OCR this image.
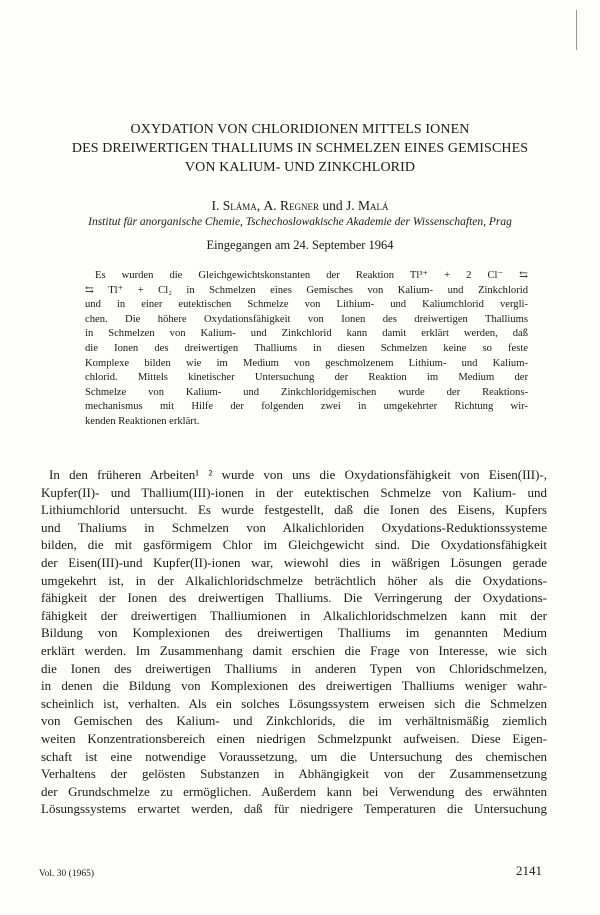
OXYDATION VON CHLORIDIONEN MITTELS IONEN
DES DREIWERTIGEN THALLIUMS IN SCHMELZEN EINES GEMISCHES
VON KALIUM- UND ZINKCHLORID
I. Sláma, A. Regner und J. Malá
Institut für anorganische Chemie, Tschechoslowakische Akademie der Wissenschaften, Prag
Eingegangen am 24. September 1964
Es wurden die Gleichgewichtskonstanten der Reaktion Tl³⁺ + 2 Cl⁻ ⇆
⇆ Tl⁺ + Cl₂ in Schmelzen eines Gemisches von Kalium- und Zinkchlorid
und in einer eutektischen Schmelze von Lithium- und Kaliumchlorid vergli-
chen. Die höhere Oxydationsfähigkeit von Ionen des dreiwertigen Thalliums
in Schmelzen von Kalium- und Zinkchlorid kann damit erklärt werden, daß
die Ionen des dreiwertigen Thalliums in diesen Schmelzen keine so feste
Komplexe bilden wie im Medium von geschmolzenem Lithium- und Kalium-
chlorid. Mittels kinetischer Untersuchung der Reaktion im Medium der
Schmelze von Kalium- und Zinkchloridgemischen wurde der Reaktions-
mechanismus mit Hilfe der folgenden zwei in umgekehrter Richtung wir-
kenden Reaktionen erklärt.
In den früheren Arbeiten¹ ² wurde von uns die Oxydationsfähigkeit von Eisen(III)-,
Kupfer(II)- und Thallium(III)-ionen in der eutektischen Schmelze von Kalium- und
Lithiumchlorid untersucht. Es wurde festgestellt, daß die Ionen des Eisens, Kupfers
und Thaliums in Schmelzen von Alkalichloriden Oxydations-Reduktionssysteme
bilden, die mit gasförmigem Chlor im Gleichgewicht sind. Die Oxydationsfähigkeit
der Eisen(III)-und Kupfer(II)-ionen war, wiewohl dies in wäßrigen Lösungen gerade
umgekehrt ist, in der Alkalichloridschmelze beträchtlich höher als die Oxydations-
fähigkeit der Ionen des dreiwertigen Thalliums. Die Verringerung der Oxydations-
fähigkeit der dreiwertigen Thalliumionen in Alkalichloridschmelzen kann mit der
Bildung von Komplexionen des dreiwertigen Thalliums im genannten Medium
erklärt werden. Im Zusammenhang damit erschien die Frage von Interesse, wie sich
die Ionen des dreiwertigen Thalliums in anderen Typen von Chloridschmelzen,
in denen die Bildung von Komplexionen des dreiwertigen Thalliums weniger wahr-
scheinlich ist, verhalten. Als ein solches Lösungssystem erweisen sich die Schmelzen
von Gemischen des Kalium- und Zinkchlorids, die im verhältnismäßig ziemlich
weiten Konzentrationsbereich einen niedrigen Schmelzpunkt aufweisen. Diese Eigen-
schaft ist eine notwendige Voraussetzung, um die Untersuchung des chemischen
Verhaltens der gelösten Substanzen in Abhängigkeit von der Zusammensetzung
der Grundschmelze zu ermöglichen. Außerdem kann bei Verwendung des erwähnten
Lösungssystems erwartet werden, daß für niedrigere Temperaturen die Untersuchung
Vol. 30 (1965)	2141
